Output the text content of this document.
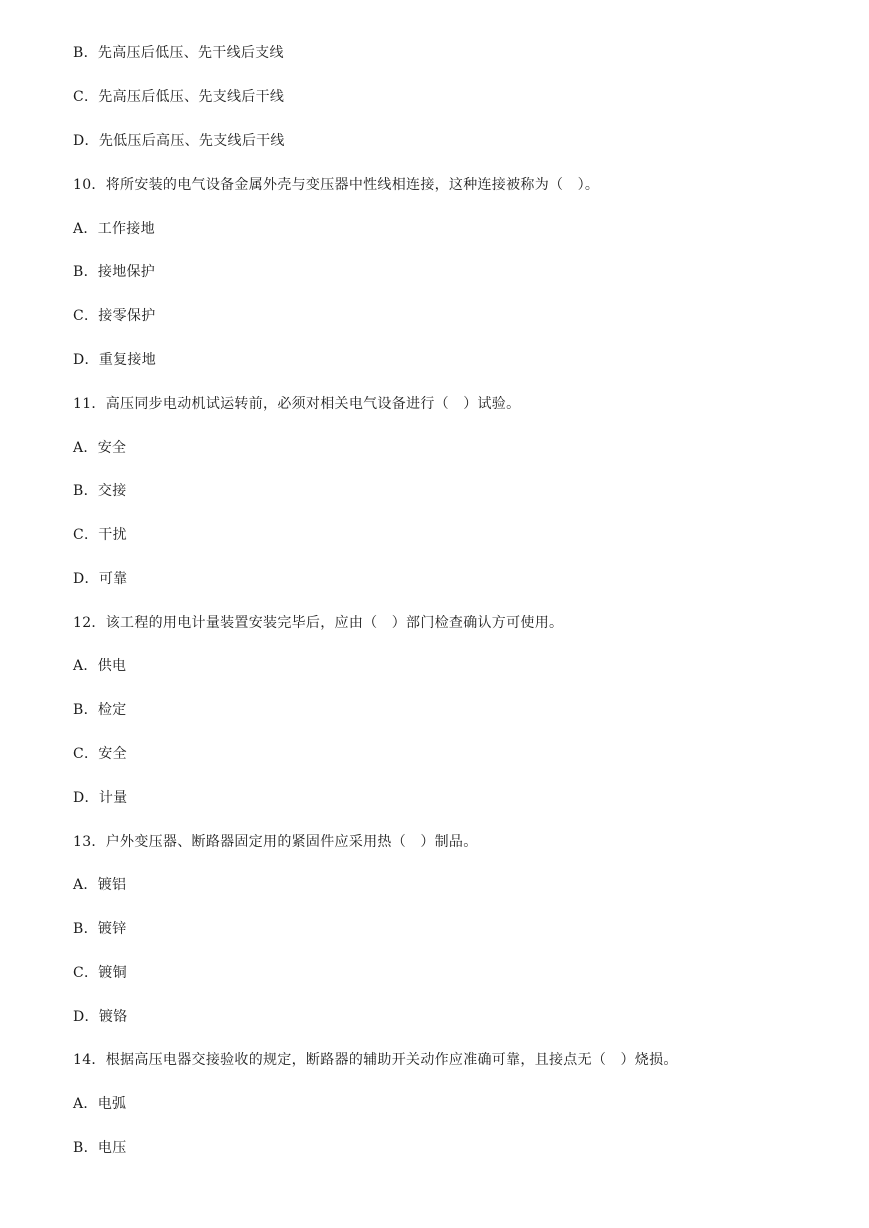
B．先高压后低压、先干线后支线
C．先高压后低压、先支线后干线
D．先低压后高压、先支线后干线
10．将所安装的电气设备金属外壳与变压器中性线相连接，这种连接被称为（　）。
A．工作接地
B．接地保护
C．接零保护
D．重复接地
11．高压同步电动机试运转前，必须对相关电气设备进行（　）试验。
A．安全
B．交接
C．干扰
D．可靠
12．该工程的用电计量装置安装完毕后，应由（　）部门检查确认方可使用。
A．供电
B．检定
C．安全
D．计量
13．户外变压器、断路器固定用的紧固件应采用热（　）制品。
A．镀铝
B．镀锌
C．镀铜
D．镀铬
14．根据高压电器交接验收的规定，断路器的辅助开关动作应准确可靠，且接点无（　）烧损。
A．电弧
B．电压
